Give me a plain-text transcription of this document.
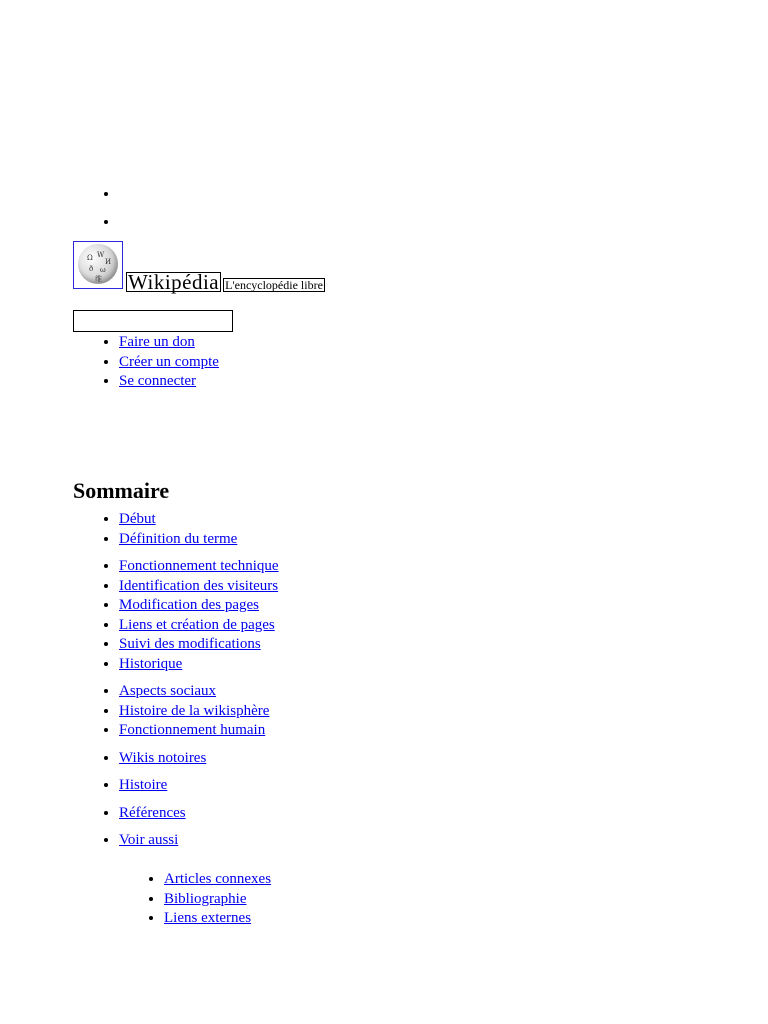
•
•
Ω W
И
ð ω
维 Wikipédia L'encyclopédie libre
• Faire un don
• Créer un compte
• Se connecter
Sommaire
• Début
• Définition du terme
• Fonctionnement technique
• Identification des visiteurs
• Modification des pages
• Liens et création de pages
• Suivi des modifications
• Historique
• Aspects sociaux
• Histoire de la wikisphère
• Fonctionnement humain
• Wikis notoires
• Histoire
• Références
• Voir aussi
• Articles connexes
• Bibliographie
• Liens externes
